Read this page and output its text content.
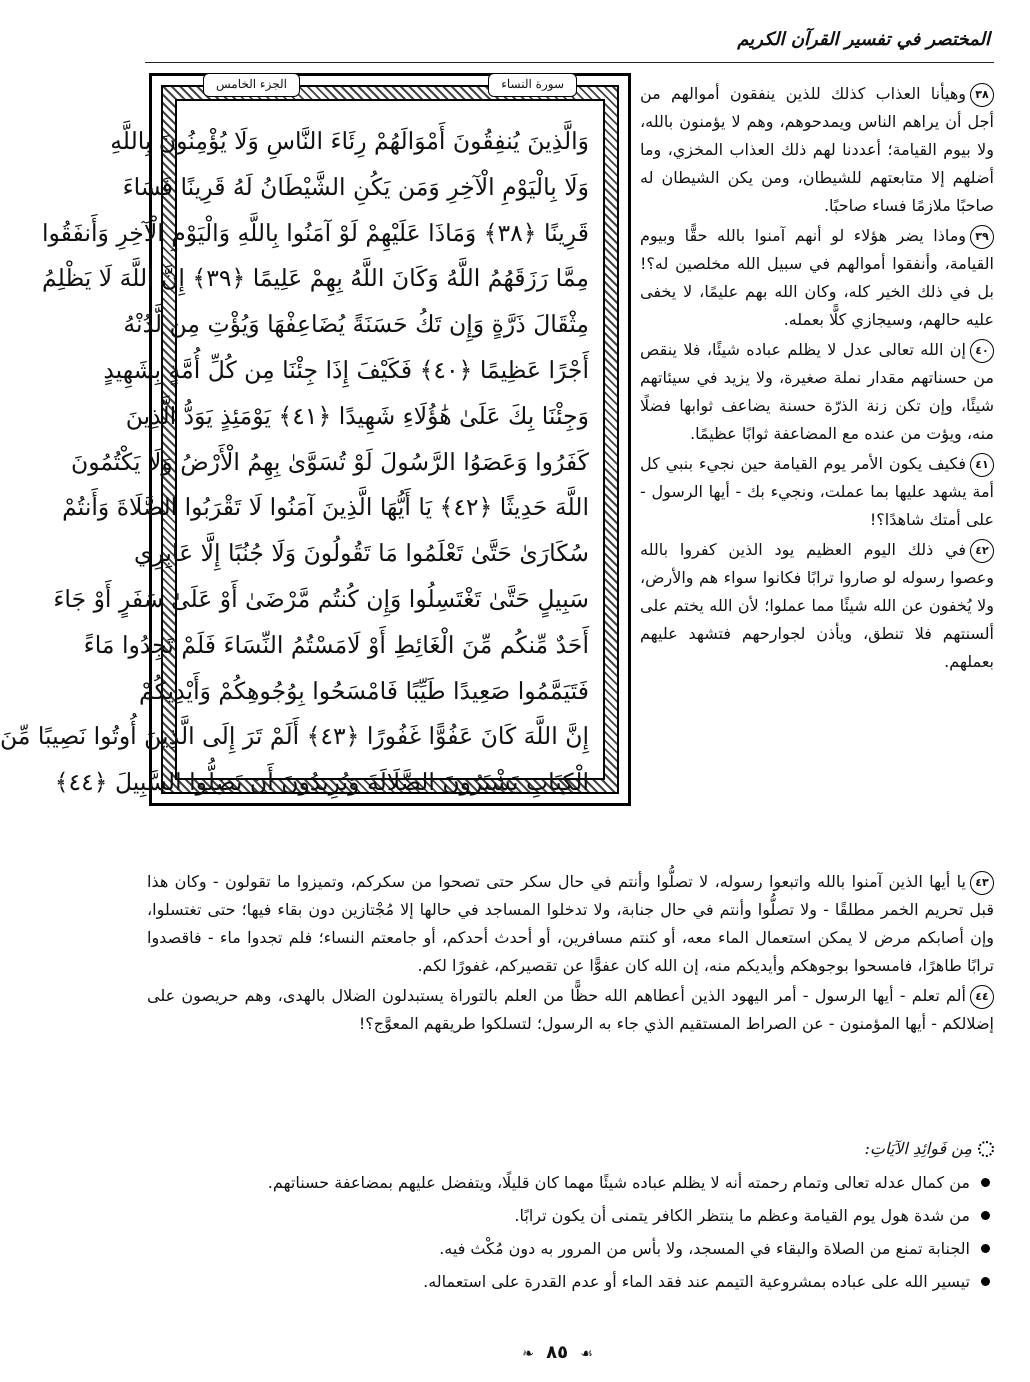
المختصر في تفسير القرآن الكريم
سورة النساء
الجزء الخامس
وَالَّذِينَ يُنفِقُونَ أَمْوَالَهُمْ رِئَاءَ النَّاسِ وَلَا يُؤْمِنُونَ بِاللَّهِ
وَلَا بِالْيَوْمِ الْآخِرِ وَمَن يَكُنِ الشَّيْطَانُ لَهُ قَرِينًا فَسَاءَ
قَرِينًا ﴿٣٨﴾ وَمَاذَا عَلَيْهِمْ لَوْ آمَنُوا بِاللَّهِ وَالْيَوْمِ الْآخِرِ وَأَنفَقُوا
مِمَّا رَزَقَهُمُ اللَّهُ وَكَانَ اللَّهُ بِهِمْ عَلِيمًا ﴿٣٩﴾ إِنَّ اللَّهَ لَا يَظْلِمُ
مِثْقَالَ ذَرَّةٍ وَإِن تَكُ حَسَنَةً يُضَاعِفْهَا وَيُؤْتِ مِن لَّدُنْهُ
أَجْرًا عَظِيمًا ﴿٤٠﴾ فَكَيْفَ إِذَا جِئْنَا مِن كُلِّ أُمَّةٍ بِشَهِيدٍ
وَجِئْنَا بِكَ عَلَىٰ هَٰؤُلَاءِ شَهِيدًا ﴿٤١﴾ يَوْمَئِذٍ يَوَدُّ الَّذِينَ
كَفَرُوا وَعَصَوُا الرَّسُولَ لَوْ تُسَوَّىٰ بِهِمُ الْأَرْضُ وَلَا يَكْتُمُونَ
اللَّهَ حَدِيثًا ﴿٤٢﴾ يَا أَيُّهَا الَّذِينَ آمَنُوا لَا تَقْرَبُوا الصَّلَاةَ وَأَنتُمْ
سُكَارَىٰ حَتَّىٰ تَعْلَمُوا مَا تَقُولُونَ وَلَا جُنُبًا إِلَّا عَابِرِي
سَبِيلٍ حَتَّىٰ تَغْتَسِلُوا وَإِن كُنتُم مَّرْضَىٰ أَوْ عَلَىٰ سَفَرٍ أَوْ جَاءَ
أَحَدٌ مِّنكُم مِّنَ الْغَائِطِ أَوْ لَامَسْتُمُ النِّسَاءَ فَلَمْ تَجِدُوا مَاءً
فَتَيَمَّمُوا صَعِيدًا طَيِّبًا فَامْسَحُوا بِوُجُوهِكُمْ وَأَيْدِيكُمْ
إِنَّ اللَّهَ كَانَ عَفُوًّا غَفُورًا ﴿٤٣﴾ أَلَمْ تَرَ إِلَى الَّذِينَ أُوتُوا نَصِيبًا مِّنَ
الْكِتَابِ يَشْتَرُونَ الضَّلَالَةَ وَيُرِيدُونَ أَن تَضِلُّوا السَّبِيلَ ﴿٤٤﴾

٣٨وهيأنا العذاب كذلك للذين ينفقون أموالهم من أجل أن يراهم الناس ويمدحوهم، وهم لا يؤمنون بالله، ولا بيوم القيامة؛ أعددنا لهم ذلك العذاب المخزي، وما أضلهم إلا متابعتهم للشيطان، ومن يكن الشيطان له صاحبًا ملازمًا فساء صاحبًا.

٣٩وماذا يضر هؤلاء لو أنهم آمنوا بالله حقًّا وبيوم القيامة، وأنفقوا أموالهم في سبيل الله مخلصين له؟! بل في ذلك الخير كله، وكان الله بهم عليمًا، لا يخفى عليه حالهم، وسيجازي كلًّا بعمله.

٤٠إن الله تعالى عدل لا يظلم عباده شيئًا، فلا ينقص من حسناتهم مقدار نملة صغيرة، ولا يزيد في سيئاتهم شيئًا، وإن تكن زنة الذرّة حسنة يضاعف ثوابها فضلًا منه، ويؤت من عنده مع المضاعفة ثوابًا عظيمًا.

٤١فكيف يكون الأمر يوم القيامة حين نجيء بنبي كل أمة يشهد عليها بما عملت، ونجيء بك - أيها الرسول - على أمتك شاهدًا؟!

٤٢في ذلك اليوم العظيم يود الذين كفروا بالله وعصوا رسوله لو صاروا ترابًا فكانوا سواء هم والأرض، ولا يُخفون عن الله شيئًا مما عملوا؛ لأن الله يختم على ألسنتهم فلا تنطق، ويأذن لجوارحهم فتشهد عليهم بعملهم.

٤٣يا أيها الذين آمنوا بالله واتبعوا رسوله، لا تصلُّوا وأنتم في حال سكر حتى تصحوا من سكركم، وتميزوا ما تقولون - وكان هذا قبل تحريم الخمر مطلقًا - ولا تصلُّوا وأنتم في حال جنابة، ولا تدخلوا المساجد في حالها إلا مُجْتازين دون بقاء فيها؛ حتى تغتسلوا، وإن أصابكم مرض لا يمكن استعمال الماء معه، أو كنتم مسافرين، أو أحدث أحدكم، أو جامعتم النساء؛ فلم تجدوا ماء - فاقصدوا ترابًا طاهرًا، فامسحوا بوجوهكم وأيديكم منه، إن الله كان عفوًّا عن تقصيركم، غفورًا لكم.

٤٤ألم تعلم - أيها الرسول - أمر اليهود الذين أعطاهم الله حظًّا من العلم بالتوراة يستبدلون الضلال بالهدى، وهم حريصون على إضلالكم - أيها المؤمنون - عن الصراط المستقيم الذي جاء به الرسول؛ لتسلكوا طريقهم المعوَّج؟!

مِن فَوائِدِ الآيَاتِ:
من كمال عدله تعالى وتمام رحمته أنه لا يظلم عباده شيئًا مهما كان قليلًا، ويتفضل عليهم بمضاعفة حسناتهم.
من شدة هول يوم القيامة وعظم ما ينتظر الكافر يتمنى أن يكون ترابًا.
الجنابة تمنع من الصلاة والبقاء في المسجد، ولا بأس من المرور به دون مُكْث فيه.
تيسير الله على عباده بمشروعية التيمم عند فقد الماء أو عدم القدرة على استعماله.
❧ ٨٥ ☙
